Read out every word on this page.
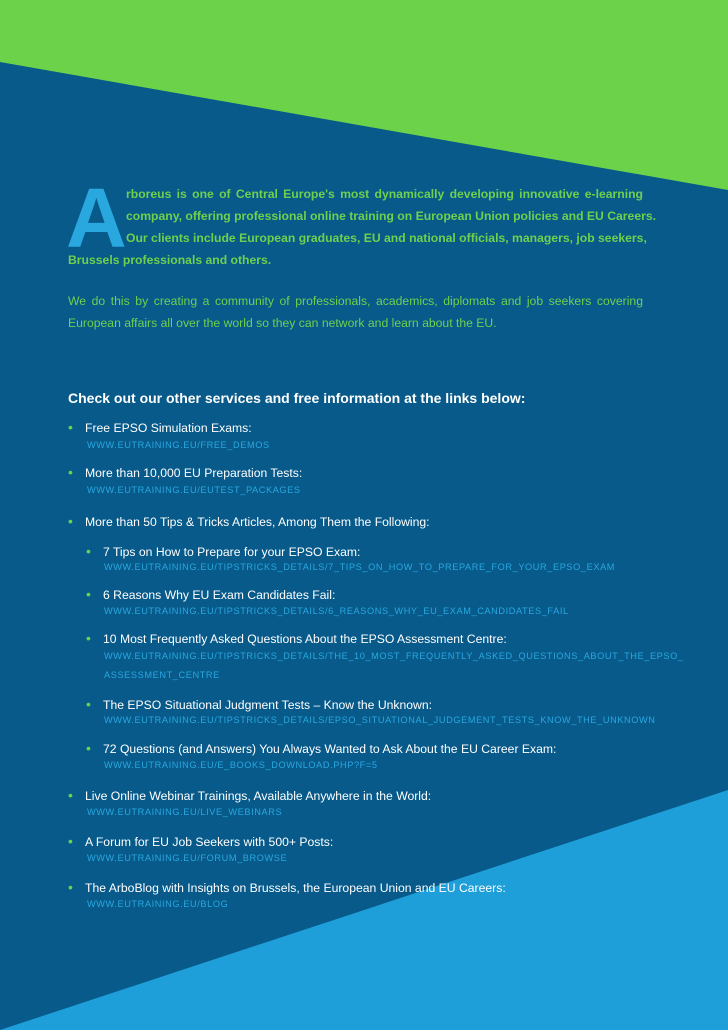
A rboreus is one of Central Europe's most dynamically developing innovative e-learning
company, offering professional online training on European Union policies and EU Careers.
Our clients include European graduates, EU and national officials, managers, job seekers,
Brussels professionals and others.
We do this by creating a community of professionals, academics, diplomats and job seekers covering
European affairs all over the world so they can network and learn about the EU.
Check out our other services and free information at the links below:
• Free EPSO Simulation Exams:
WWW.EUTRAINING.EU/FREE_DEMOS
• More than 10,000 EU Preparation Tests:
WWW.EUTRAINING.EU/EUTEST_PACKAGES
• More than 50 Tips & Tricks Articles, Among Them the Following:
• 7 Tips on How to Prepare for your EPSO Exam:
WWW.EUTRAINING.EU/TIPSTRICKS_DETAILS/7_TIPS_ON_HOW_TO_PREPARE_FOR_YOUR_EPSO_EXAM
• 6 Reasons Why EU Exam Candidates Fail:
WWW.EUTRAINING.EU/TIPSTRICKS_DETAILS/6_REASONS_WHY_EU_EXAM_CANDIDATES_FAIL
• 10 Most Frequently Asked Questions About the EPSO Assessment Centre:
WWW.EUTRAINING.EU/TIPSTRICKS_DETAILS/THE_10_MOST_FREQUENTLY_ASKED_QUESTIONS_ABOUT_THE_EPSO_
ASSESSMENT_CENTRE
• The EPSO Situational Judgment Tests – Know the Unknown:
WWW.EUTRAINING.EU/TIPSTRICKS_DETAILS/EPSO_SITUATIONAL_JUDGEMENT_TESTS_KNOW_THE_UNKNOWN
• 72 Questions (and Answers) You Always Wanted to Ask About the EU Career Exam:
WWW.EUTRAINING.EU/E_BOOKS_DOWNLOAD.PHP?F=5
• Live Online Webinar Trainings, Available Anywhere in the World:
WWW.EUTRAINING.EU/LIVE_WEBINARS
• A Forum for EU Job Seekers with 500+ Posts:
WWW.EUTRAINING.EU/FORUM_BROWSE
• The ArboBlog with Insights on Brussels, the European Union and EU Careers:
WWW.EUTRAINING.EU/BLOG
